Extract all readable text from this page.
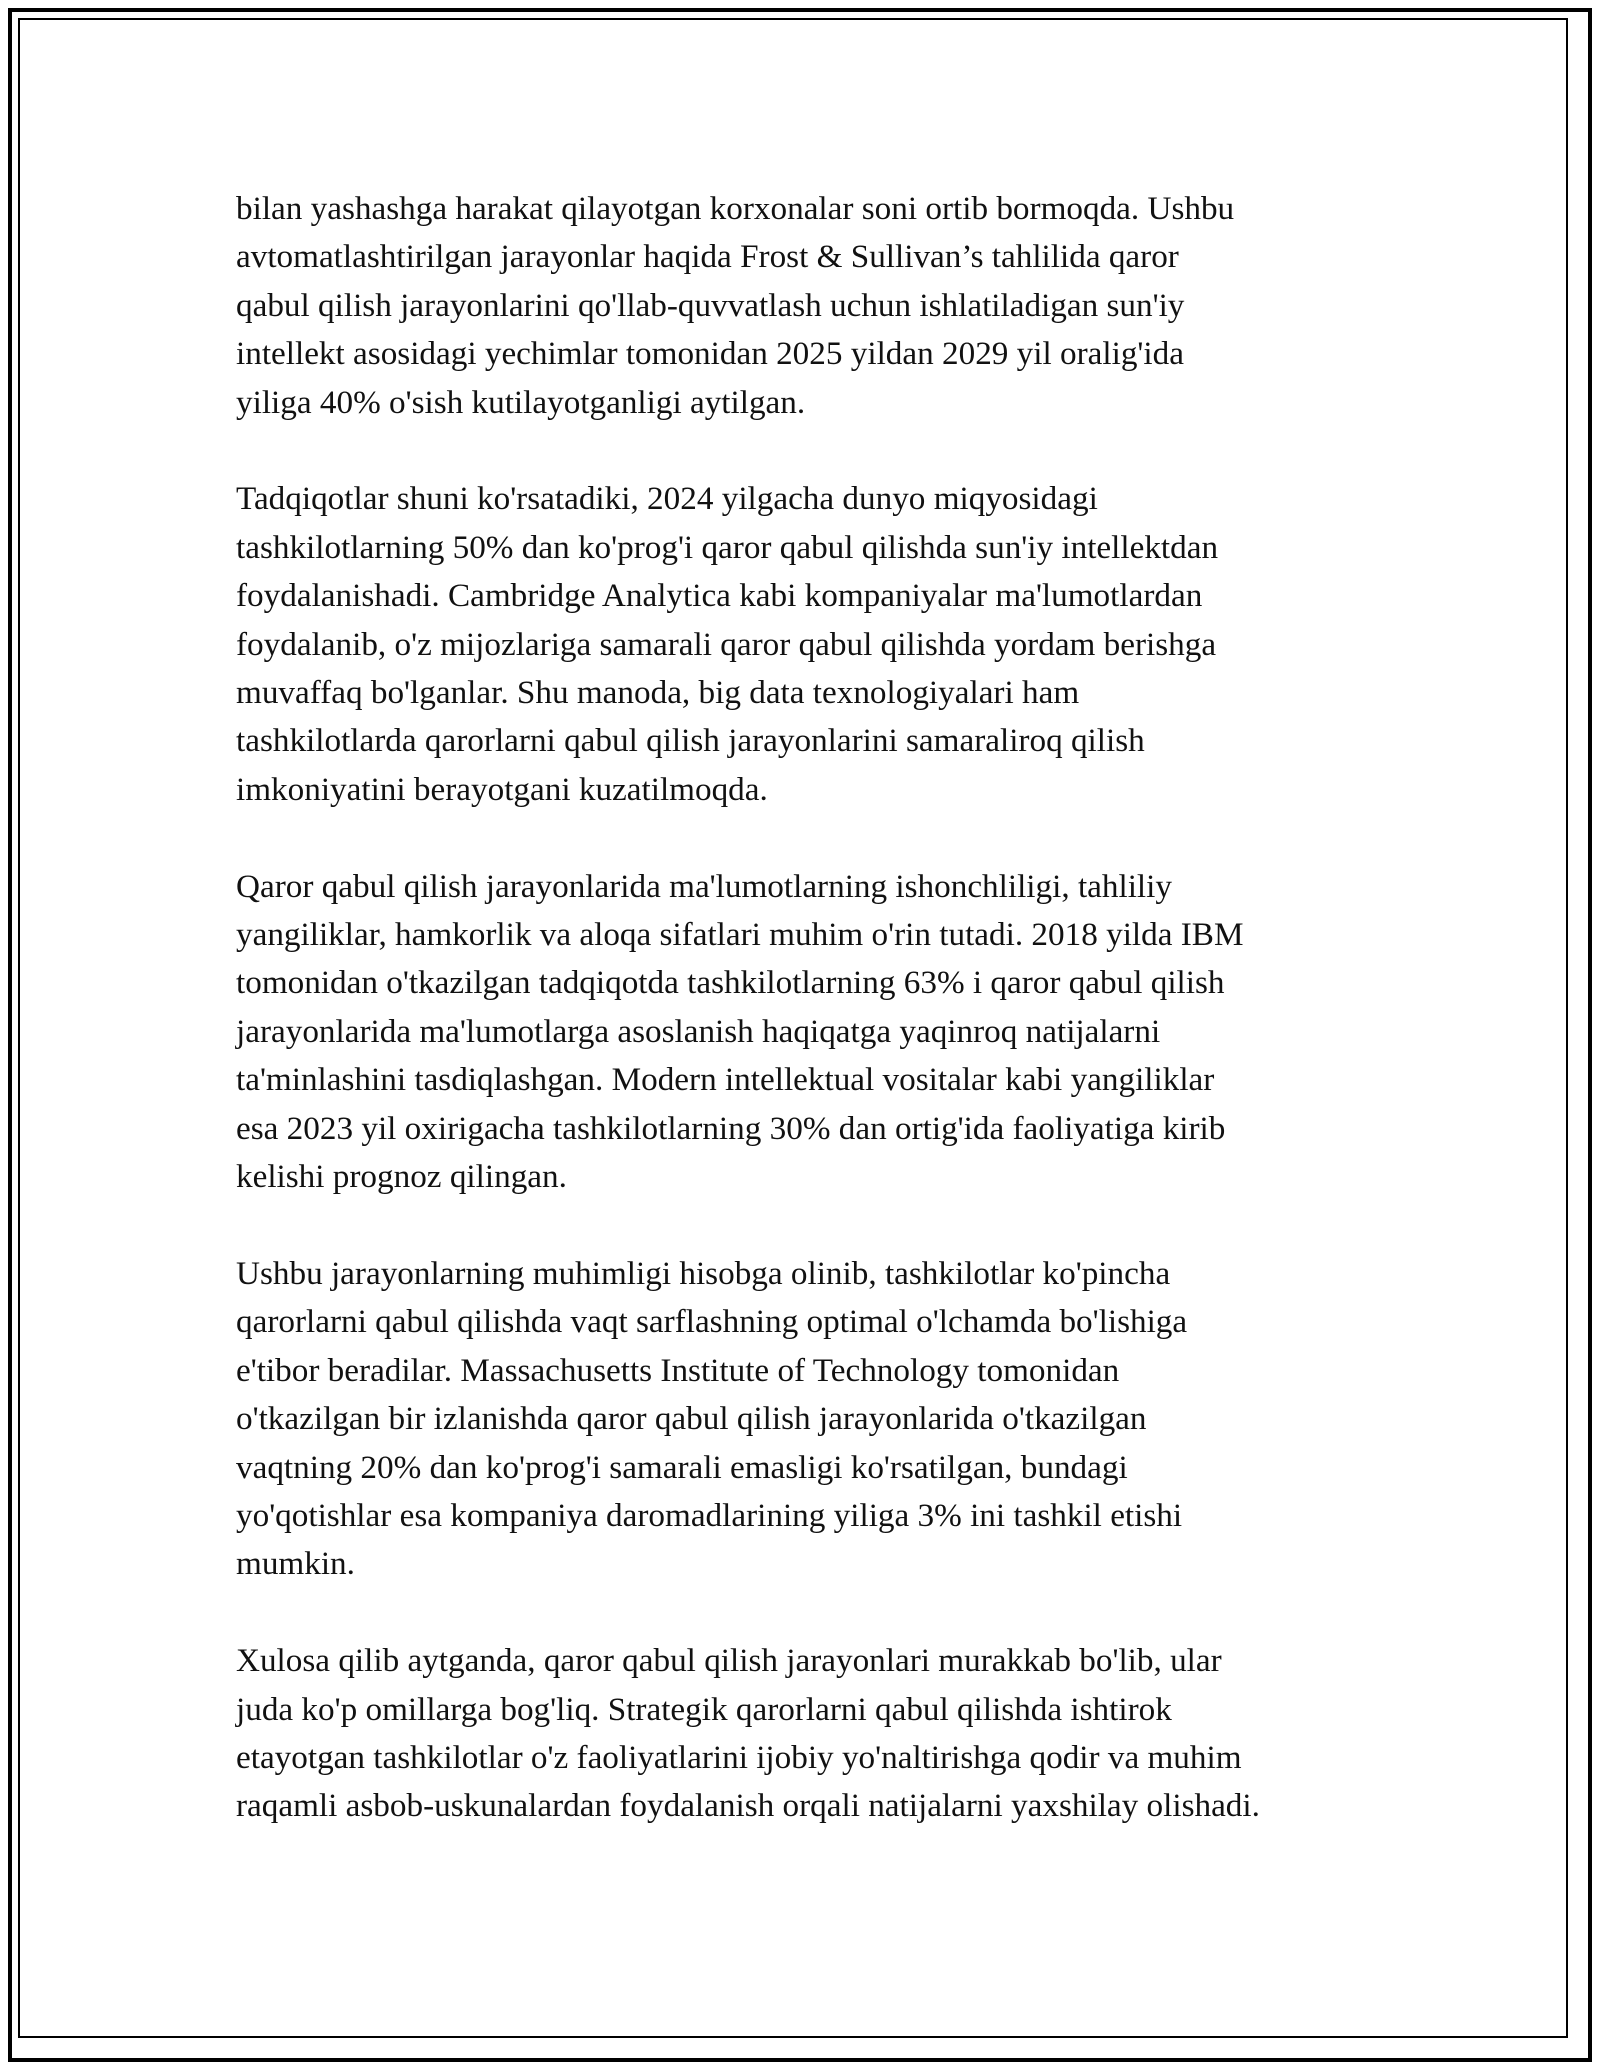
bilan yashashga harakat qilayotgan korxonalar soni ortib bormoqda. Ushbu
avtomatlashtirilgan jarayonlar haqida Frost & Sullivan’s tahlilida qaror
qabul qilish jarayonlarini qo'llab-quvvatlash uchun ishlatiladigan sun'iy
intellekt asosidagi yechimlar tomonidan 2025 yildan 2029 yil oralig'ida
yiliga 40% o'sish kutilayotganligi aytilgan.

Tadqiqotlar shuni ko'rsatadiki, 2024 yilgacha dunyo miqyosidagi
tashkilotlarning 50% dan ko'prog'i qaror qabul qilishda sun'iy intellektdan
foydalanishadi. Cambridge Analytica kabi kompaniyalar ma'lumotlardan
foydalanib, o'z mijozlariga samarali qaror qabul qilishda yordam berishga
muvaffaq bo'lganlar. Shu manoda, big data texnologiyalari ham
tashkilotlarda qarorlarni qabul qilish jarayonlarini samaraliroq qilish
imkoniyatini berayotgani kuzatilmoqda.

Qaror qabul qilish jarayonlarida ma'lumotlarning ishonchliligi, tahliliy
yangiliklar, hamkorlik va aloqa sifatlari muhim o'rin tutadi. 2018 yilda IBM
tomonidan o'tkazilgan tadqiqotda tashkilotlarning 63% i qaror qabul qilish
jarayonlarida ma'lumotlarga asoslanish haqiqatga yaqinroq natijalarni
ta'minlashini tasdiqlashgan. Modern intellektual vositalar kabi yangiliklar
esa 2023 yil oxirigacha tashkilotlarning 30% dan ortig'ida faoliyatiga kirib
kelishi prognoz qilingan.

Ushbu jarayonlarning muhimligi hisobga olinib, tashkilotlar ko'pincha
qarorlarni qabul qilishda vaqt sarflashning optimal o'lchamda bo'lishiga
e'tibor beradilar. Massachusetts Institute of Technology tomonidan
o'tkazilgan bir izlanishda qaror qabul qilish jarayonlarida o'tkazilgan
vaqtning 20% dan ko'prog'i samarali emasligi ko'rsatilgan, bundagi
yo'qotishlar esa kompaniya daromadlarining yiliga 3% ini tashkil etishi
mumkin.

Xulosa qilib aytganda, qaror qabul qilish jarayonlari murakkab bo'lib, ular
juda ko'p omillarga bog'liq. Strategik qarorlarni qabul qilishda ishtirok
etayotgan tashkilotlar o'z faoliyatlarini ijobiy yo'naltirishga qodir va muhim
raqamli asbob-uskunalardan foydalanish orqali natijalarni yaxshilay olishadi.
